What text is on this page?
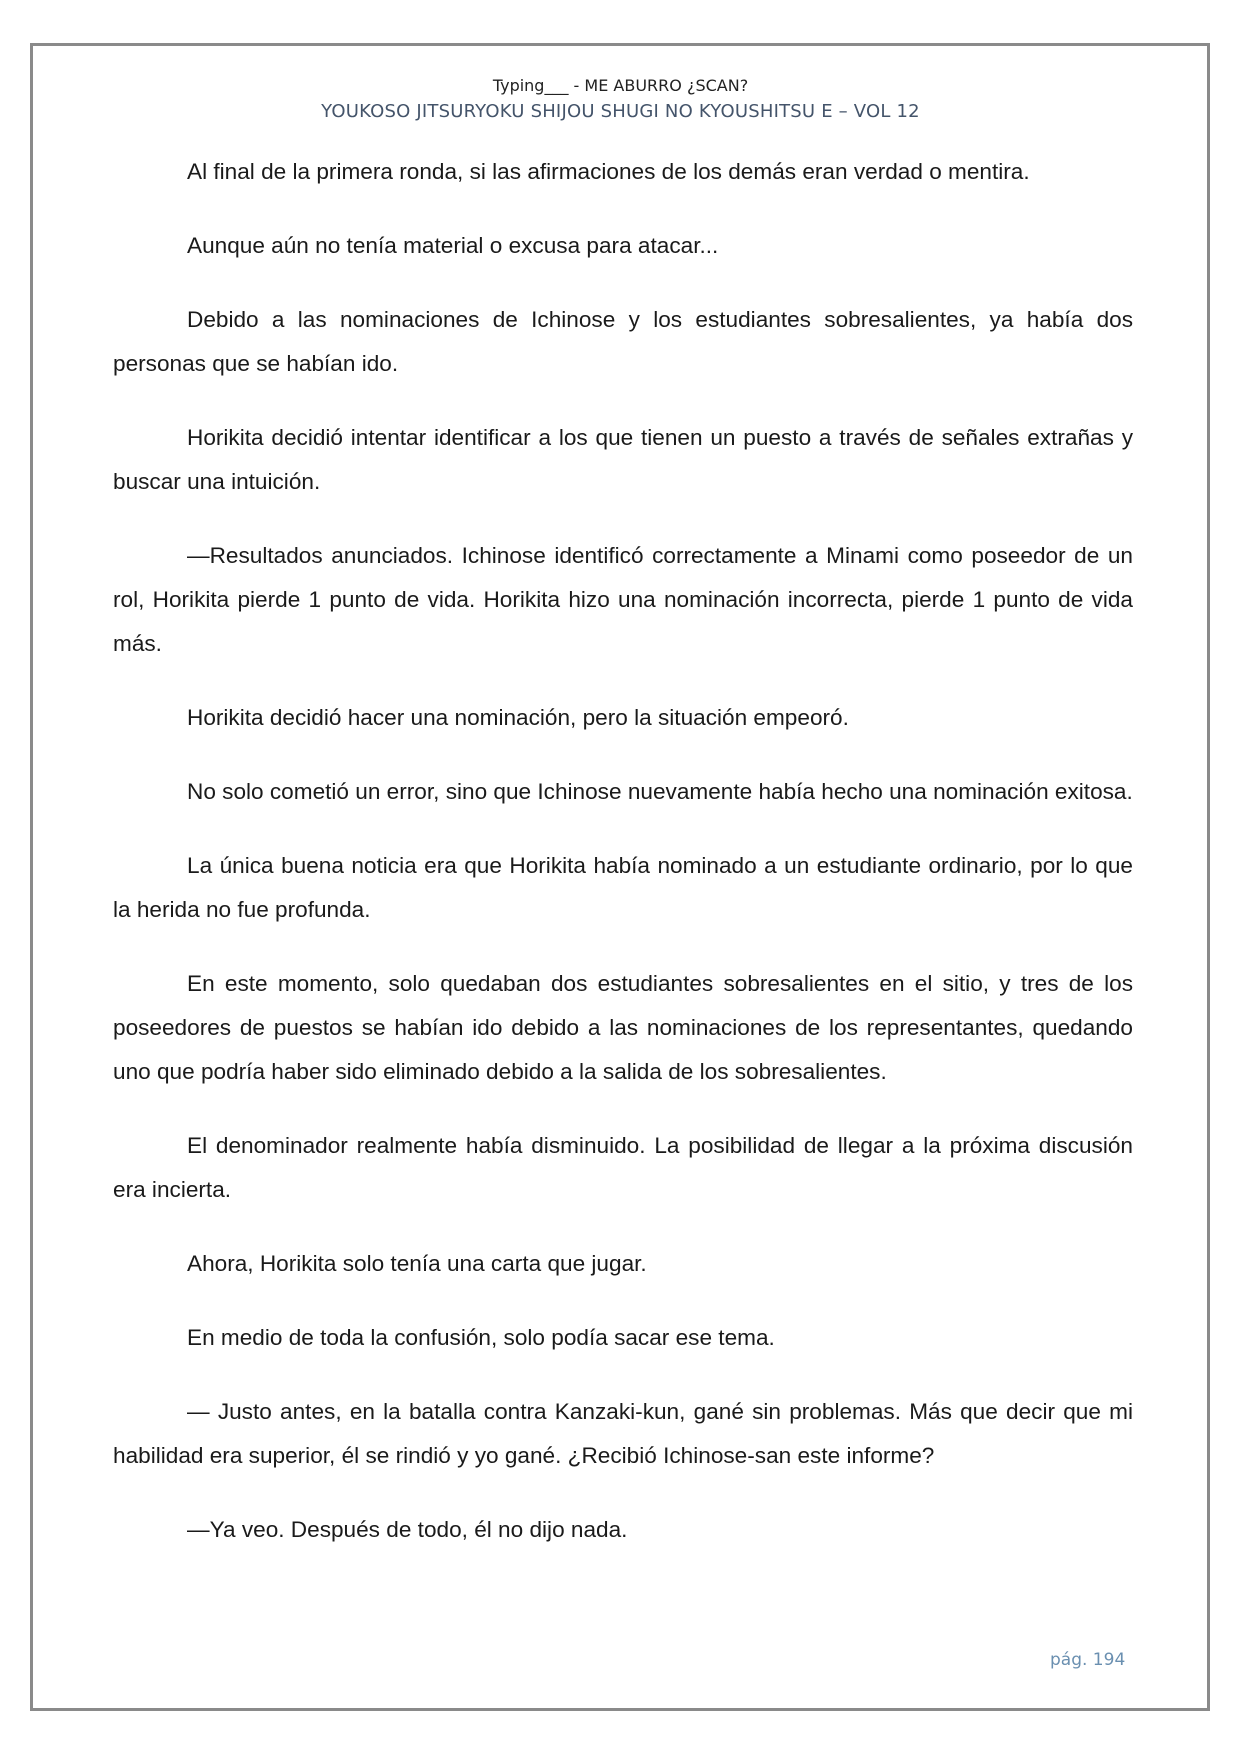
Typing___ - ME ABURRO ¿SCAN?
YOUKOSO JITSURYOKU SHIJOU SHUGI NO KYOUSHITSU E – VOL 12

Al final de la primera ronda, si las afirmaciones de los demás eran verdad o mentira.

Aunque aún no tenía material o excusa para atacar...

Debido a las nominaciones de Ichinose y los estudiantes sobresalientes, ya había dos personas que se habían ido.

Horikita decidió intentar identificar a los que tienen un puesto a través de señales extrañas y buscar una intuición.

—Resultados anunciados. Ichinose identificó correctamente a Minami como poseedor de un rol, Horikita pierde 1 punto de vida. Horikita hizo una nominación incorrecta, pierde 1 punto de vida más.

Horikita decidió hacer una nominación, pero la situación empeoró.

No solo cometió un error, sino que Ichinose nuevamente había hecho una nominación exitosa.

La única buena noticia era que Horikita había nominado a un estudiante ordinario, por lo que la herida no fue profunda.

En este momento, solo quedaban dos estudiantes sobresalientes en el sitio, y tres de los poseedores de puestos se habían ido debido a las nominaciones de los representantes, quedando uno que podría haber sido eliminado debido a la salida de los sobresalientes.

El denominador realmente había disminuido. La posibilidad de llegar a la próxima discusión era incierta.

Ahora, Horikita solo tenía una carta que jugar.

En medio de toda la confusión, solo podía sacar ese tema.

— Justo antes, en la batalla contra Kanzaki-kun, gané sin problemas. Más que decir que mi habilidad era superior, él se rindió y yo gané. ¿Recibió Ichinose-san este informe?

—Ya veo. Después de todo, él no dijo nada.

pág. 194
